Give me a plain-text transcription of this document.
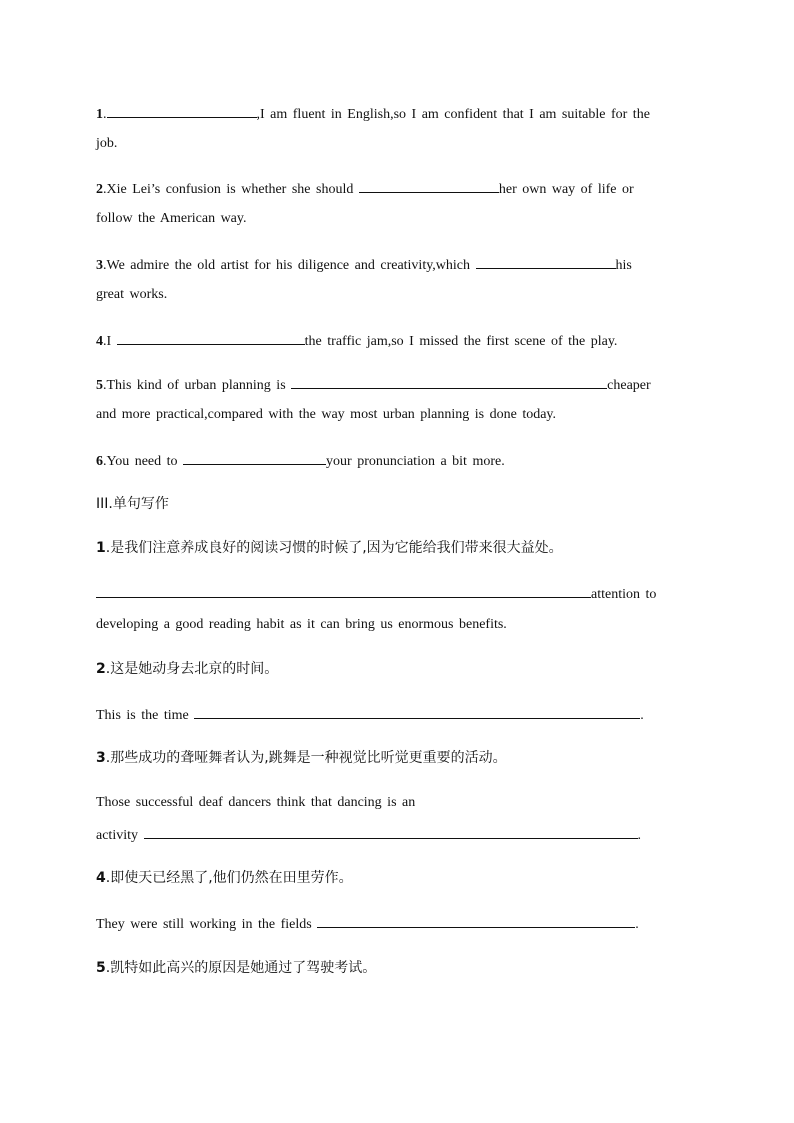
1.	,I am fluent in English,so I am confident that I am suitable for the
job.
2.Xie Lei’s confusion is whether she should	her own way of life or
follow the American way.
3.We admire the old artist for his diligence and creativity,which	his
great works.
4.I	the traffic jam,so I missed the first scene of the play.
5.This kind of urban planning is	cheaper
and more practical,compared with the way most urban planning is done today.
6.You need to	your pronunciation a bit more.
III.单句写作
1.是我们注意养成良好的阅读习惯的时候了,因为它能给我们带来很大益处。
attention to
developing a good reading habit as it can bring us enormous benefits.
2.这是她动身去北京的时间。
This is the time	.
3.那些成功的聋哑舞者认为,跳舞是一种视觉比听觉更重要的活动。
Those successful deaf dancers think that dancing is an
activity	.
4.即使天已经黑了,他们仍然在田里劳作。
They were still working in the fields	.
5.凯特如此高兴的原因是她通过了驾驶考试。
